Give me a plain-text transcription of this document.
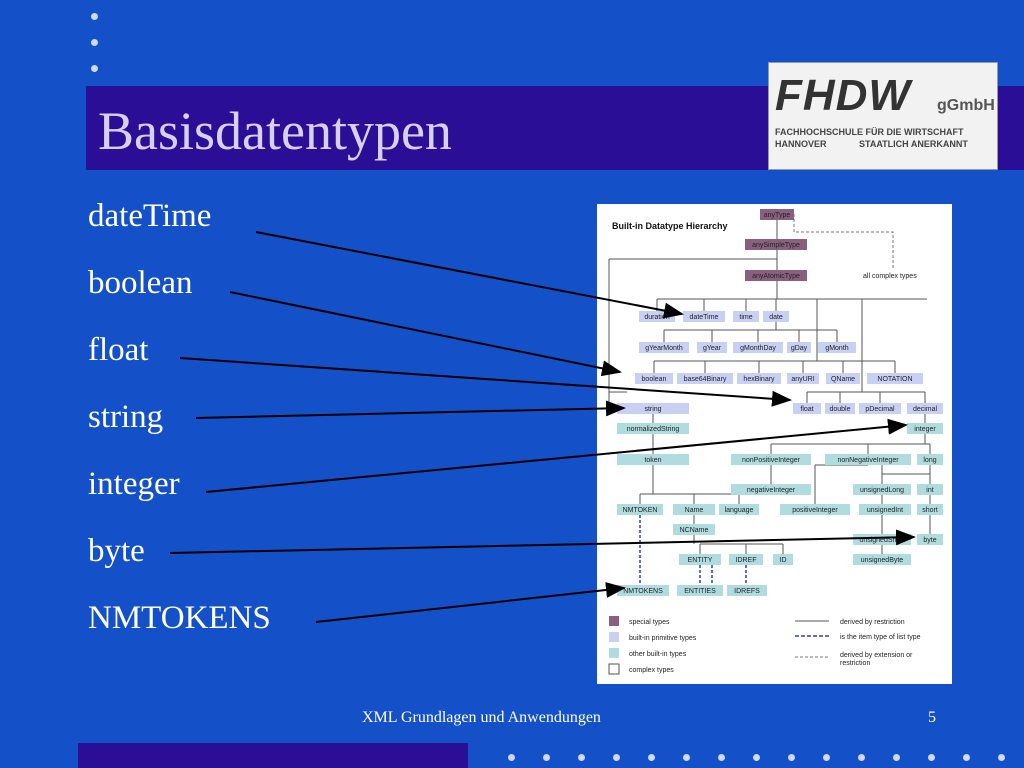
Basisdatentypen
FHDW gGmbH
FACHHOCHSCHULE FÜR DIE WIRTSCHAFT
HANNOVER	STAATLICH ANERKANNT
dateTime
boolean
float
string
integer
byte
NMTOKENS
Built-in Datatype Hierarchy
anyType
anySimpleType
anyAtomicType
duration	dateTime	time date
gYearMonth	gYear	gMonthDay gDay	gMonth
boolean base64Binary hexBinary anyURI QName	NOTATION
string	float double pDecimal	decimal
normalizedString	integer
token	nonPositiveInteger	nonNegativeInteger	long
negativeInteger	unsignedLong	int
NMTOKEN	Name	language	positiveInteger	unsignedInt	short
NCName
unsignedShort	byte
ENTITY	IDREF	ID	unsignedByte
NMTOKENS	ENTITIES	IDREFS
all complex types
special types
built-in primitive types
other built-in types
complex types
derived by restriction
is the item type of list type
derived by extension or
restriction
XML Grundlagen und Anwendungen	5
